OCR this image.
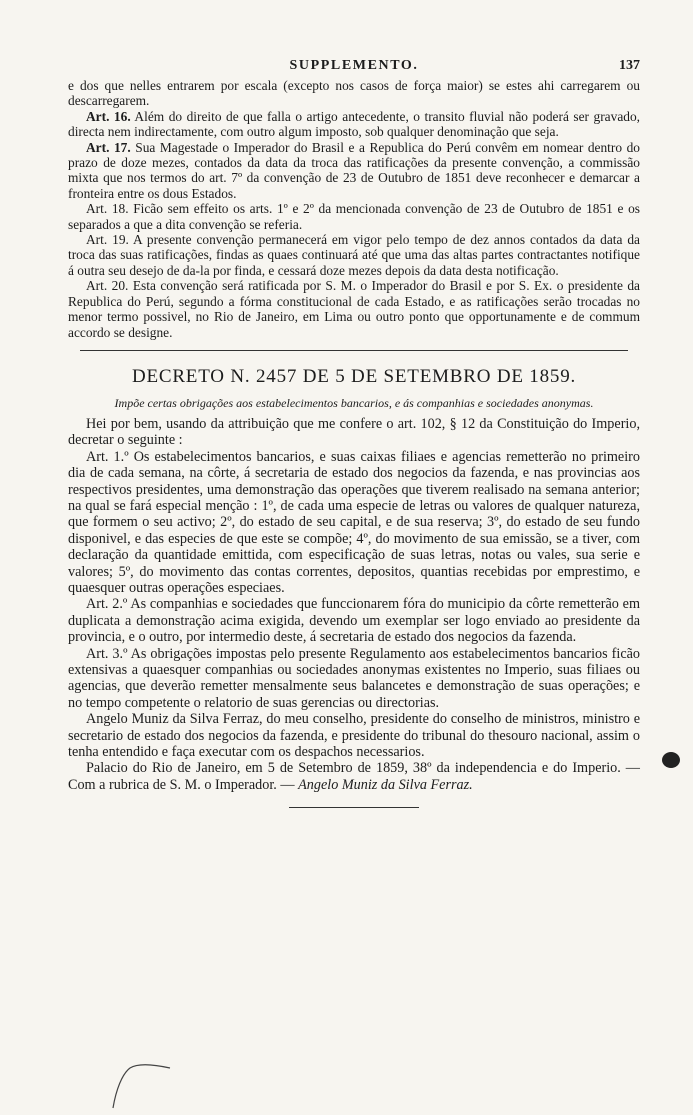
SUPPLEMENTO.	137

e dos que nelles entrarem por escala (excepto nos casos de força maior) se estes ahi carregarem ou descarregarem.

Art. 16. Além do direito de que falla o artigo antecedente, o transito fluvial não poderá ser gravado, directa nem indirectamente, com outro algum imposto, sob qualquer denominação que seja.

Art. 17. Sua Magestade o Imperador do Brasil e a Republica do Perú convêm em nomear dentro do prazo de doze mezes, contados da data da troca das ratificações da presente convenção, a commissão mixta que nos termos do art. 7º da convenção de 23 de Outubro de 1851 deve reconhecer e demarcar a fronteira entre os dous Estados.

Art. 18. Ficão sem effeito os arts. 1º e 2º da mencionada convenção de 23 de Outubro de 1851 e os separados a que a dita convenção se referia.

Art. 19. A presente convenção permanecerá em vigor pelo tempo de dez annos contados da data da troca das suas ratificações, findas as quaes continuará até que uma das altas partes contractantes notifique á outra seu desejo de da-la por finda, e cessará doze mezes depois da data desta notificação.

Art. 20. Esta convenção será ratificada por S. M. o Imperador do Brasil e por S. Ex. o presidente da Republica do Perú, segundo a fórma constitucional de cada Estado, e as ratificações serão trocadas no menor termo possivel, no Rio de Janeiro, em Lima ou outro ponto que opportunamente e de commum accordo se designe.

DECRETO N. 2457 DE 5 DE SETEMBRO DE 1859.
Impõe certas obrigações aos estabelecimentos bancarios, e ás companhias e sociedades anonymas.

Hei por bem, usando da attribuição que me confere o art. 102, § 12 da Constituição do Imperio, decretar o seguinte :

Art. 1.º Os estabelecimentos bancarios, e suas caixas filiaes e agencias remetterão no primeiro dia de cada semana, na côrte, á secretaria de estado dos negocios da fazenda, e nas provincias aos respectivos presidentes, uma demonstração das operações que tiverem realisado na semana anterior; na qual se fará especial menção : 1º, de cada uma especie de letras ou valores de qualquer natureza, que formem o seu activo; 2º, do estado de seu capital, e de sua reserva; 3º, do estado de seu fundo disponivel, e das especies de que este se compõe; 4º, do movimento de sua emissão, se a tiver, com declaração da quantidade emittida, com especificação de suas letras, notas ou vales, sua serie e valores; 5º, do movimento das contas correntes, depositos, quantias recebidas por emprestimo, e quaesquer outras operações especiaes.

Art. 2.º As companhias e sociedades que funccionarem fóra do municipio da côrte remetterão em duplicata a demonstração acima exigida, devendo um exemplar ser logo enviado ao presidente da provincia, e o outro, por intermedio deste, á secretaria de estado dos negocios da fazenda.

Art. 3.º As obrigações impostas pelo presente Regulamento aos estabelecimentos bancarios ficão extensivas a quaesquer companhias ou sociedades anonymas existentes no Imperio, suas filiaes ou agencias, que deverão remetter mensalmente seus balancetes e demonstração de suas operações; e no tempo competente o relatorio de suas gerencias ou directorias.

Angelo Muniz da Silva Ferraz, do meu conselho, presidente do conselho de ministros, ministro e secretario de estado dos negocios da fazenda, e presidente do tribunal do thesouro nacional, assim o tenha entendido e faça executar com os despachos necessarios.

Palacio do Rio de Janeiro, em 5 de Setembro de 1859, 38º da independencia e do Imperio. — Com a rubrica de S. M. o Imperador. — Angelo Muniz da Silva Ferraz.
